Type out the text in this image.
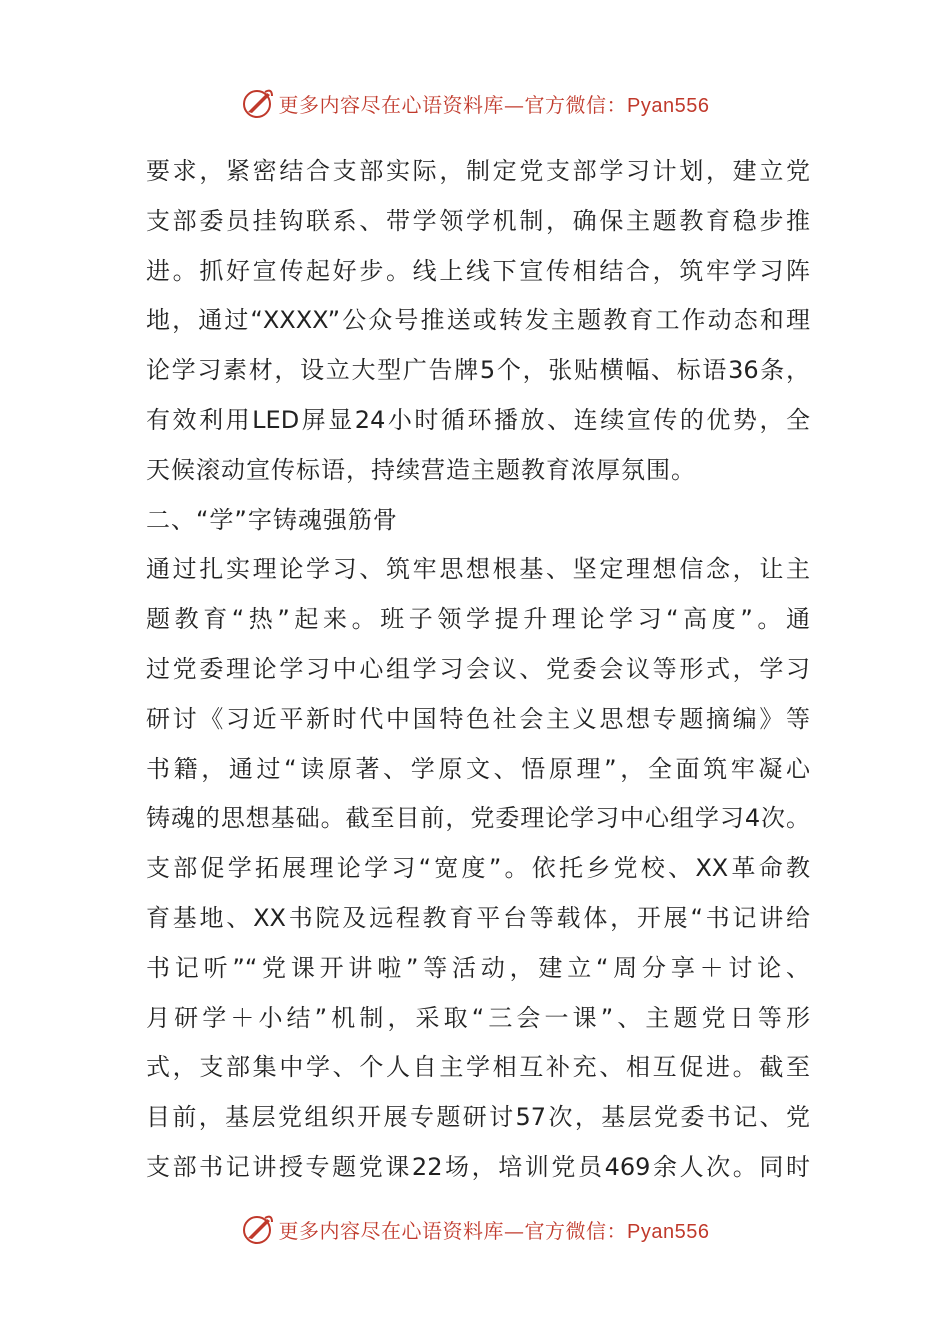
更多内容尽在心语资料库—官方微信：Pyan556
要求，紧密结合支部实际，制定党支部学习计划，建立党
支部委员挂钩联系、带学领学机制，确保主题教育稳步推
进。抓好宣传起好步。线上线下宣传相结合，筑牢学习阵
地，通过“XXXX”公众号推送或转发主题教育工作动态和理
论学习素材，设立大型广告牌5个，张贴横幅、标语36条，
有效利用LED屏显24小时循环播放、连续宣传的优势，全
天候滚动宣传标语，持续营造主题教育浓厚氛围。
二、“学”字铸魂强筋骨
通过扎实理论学习、筑牢思想根基、坚定理想信念，让主
题教育“热”起来。班子领学提升理论学习“高度”。通
过党委理论学习中心组学习会议、党委会议等形式，学习
研讨《习近平新时代中国特色社会主义思想专题摘编》等
书籍，通过“读原著、学原文、悟原理”，全面筑牢凝心
铸魂的思想基础。截至目前，党委理论学习中心组学习4次。
支部促学拓展理论学习“宽度”。依托乡党校、XX革命教
育基地、XX书院及远程教育平台等载体，开展“书记讲给
书记听”“党课开讲啦”等活动，建立“周分享＋讨论、
月研学＋小结”机制，采取“三会一课”、主题党日等形
式，支部集中学、个人自主学相互补充、相互促进。截至
目前，基层党组织开展专题研讨57次，基层党委书记、党
支部书记讲授专题党课22场，培训党员469余人次。同时
更多内容尽在心语资料库—官方微信：Pyan556
